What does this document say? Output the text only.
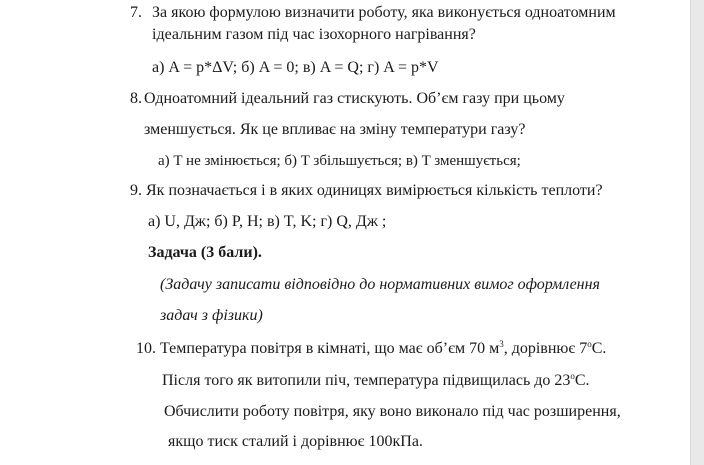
7. За якою формулою визначити роботу, яка виконується одноатомним
ідеальним газом під час ізохорного нагрівання?
а) A = p*ΔV; б) A = 0; в) A = Q; г) A = p*V
8. Одноатомний ідеальний газ стискують. Об’єм газу при цьому
зменшується. Як це впливає на зміну температури газу?
а) T не змінюється; б) T збільшується; в) T зменшується;
9. Як позначається і в яких одиницях вимірюється кількість теплоти?
а) U, Дж; б) P, H; в) T, K; г) Q, Дж ;
Задача (3 бали).
(Задачу записати відповідно до нормативних вимог оформлення
задач з фізики)
10. Температура повітря в кімнаті, що має об’єм 70 $м^3$, дорівнює $7^оС$.
Після того як витопили піч, температура підвищилась до $23^оС$.
Обчислити роботу повітря, яку воно виконало під час розширення,
якщо тиск сталий і дорівнює 100кПа.
